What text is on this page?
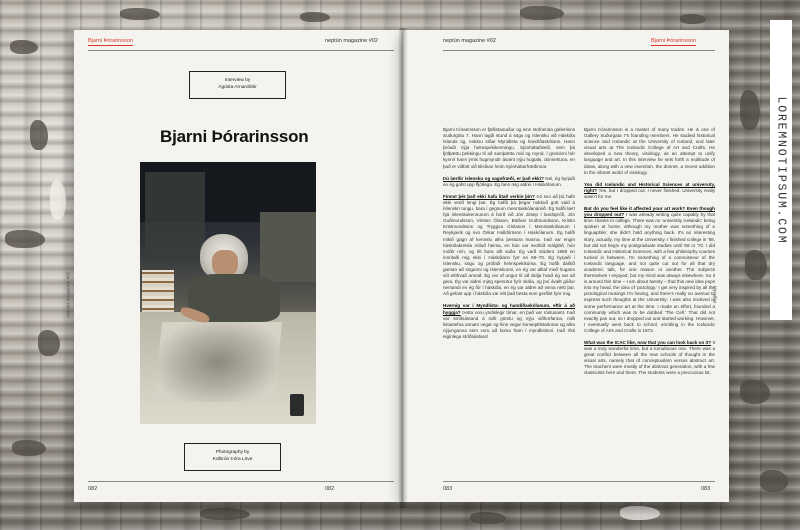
Bjarni Þórarinsson	neptún magazine #02
Interview by
Ágústa Arnardóttir
Bjarni Þórarinsson
neptún magazine #02
Photography by
Kolbrún Þóra Löve
082	082
neptún magazine #02	Bjarni Þórarinsson

Bjarni Þórarinsson er fjöllistamaður og einn stofnenda gallerísins Suðurgötu 7. Hann lagði stund á sögu og íslensku við Háskóla Íslands og, nokkru síðar Myndlista og handíðaskólann. Hann þróaði nýja heimspekikenningu, Sjónháttafræði, sem þá fjölþættu þekkingu til að samþætta mál og mynd. Í greininni hér kynnir hann ýmis hugmyndir ásamt nýju hugtaki, donnettuna, en það er viðbót við klisíkan heim Sjónháttarfræðinnar.

Þú lærðir íslensku og sagnfræði, er það ekki? Nei, ég byrjaði en ég gafst upp fljótlega. Ég fann mig aldrei í Háskólanum.

Finnst þér það ekki hafa litað verkin þín? Þó svo að þú hafir ekki verið lengi þar. Ég hafði þá þegar nokkuð gott vald á íslenskri tungu, bara í gegnum menntaskólanámið. Ég hafði lært hjá íslenskukennurum á borð við Jón Jósep í landsprófi, Jón Guðmundsson, Vésten Ólason, Böðvar Guðmundsson, Kristin Kristmundsson og Tryggva Gíslason í Menntaskólanum í Reykjavík og svo Óskar Halldórsson í Háskólanum. Ég hafði mikið gagn af kennslu allra þessara manna. Það var engin háskólakreisla nóluð heima, en hún var svolítið málglöð, hún móðir mín, og lét bara allt vaða. Ég varð stúdent 1968 en innritaði mig ekki í Háskólann fyrr en 69–70. Ég byrjaði í íslensku, sögu og prófaði heimspekikúrsa. Ég hafði dálítið gaman að sögunni og íslenskunni, en ég var alltaf með hugann við eitthvað annað. Ég var of ungur til að skilja hvað ég var að gera. Ég var aldrei mjög spenntur fyrir skóla, og því ávallt góður nemandi en ég fór í háskóla, en ég var aldrei að vinna neitt þar. Að gefast upp í háskóla var eitt það besta sem gerðist fyrir mig.

Hvernig var í Myndlista- og handíðaskólanum, eftir á að hyggja? Þetta voru yndislegir tímar, en það var róstusamt. Það var stríðsástand á milli gömlu og nýju viðhorfanna, milli listastefna annars vegar og hins vegar konseptlistarinnar og allra nýjunganna sem voru að koma fram í myndlistinni. Það ríkti eiginlega stríðsástand

Bjarni Þórarinsson is a master of many trades. He is one of Gallery Suðurgata 7's founding members. He studied historical science and Icelandic at the University of Iceland, and later visual arts at The Icelandic College of Art and Crafts. He developed a new theory, visiology, as an attempt to unify language and art. In this interview he sets forth a multitude of ideas, along with a new invention, the donnet, a recent addition to the vibrant world of visiology.

You did Icelandic and Historical Sciences at university, right? Yes, but I dropped out, I never finished. University really wasn't for me.

But do you feel like it affected your art work? Even though you dropped out? I was already writing quite capably by that time, thanks to college. There was no 'university Icelandic' being spoken at home, although my mother was something of a linguaphile; she didn't hold anything back. It's an interesting story, actually, my time at the University. I finished college in '68, but did not begin my postgraduate studies until '69 or '70. I did Icelandic and Historical Sciences, with a few philosophy courses tucked in between. I'm something of a connoisseur of the Icelandic language, and not quite cut out for all that dry academic talk, for one reason or another. The subjects themselves I enjoyed, but my mind was always elsewhere. So it is around this time – I am about twenty – that this new idea pops into my head, the idea of 'pictology.' I get very inspired by all the pictological musings I'm having, and there's really no avenue to express such thoughts at the University; I was also involved in some performance art at the time. I made an effort, founded a community which was to be dubbed 'The Cell.' That did not exactly pan out, so I dropped out and started working. However, I eventually went back to school, enrolling in the Icelandic College of Arts and Crafts in 1973.

What was the ICAC like, now that you can look back on it? It was a truly wonderful time, but a tumultuous one. There was a great conflict between all the new schools of thought in the visual arts, namely that of conceptualism versus abstract art. The teachers were mostly of the abstract generation, with a few classicists here and there. The students were a precocious lot,

Myndlist
083	083
LOREMNOTIPSUM.COM
